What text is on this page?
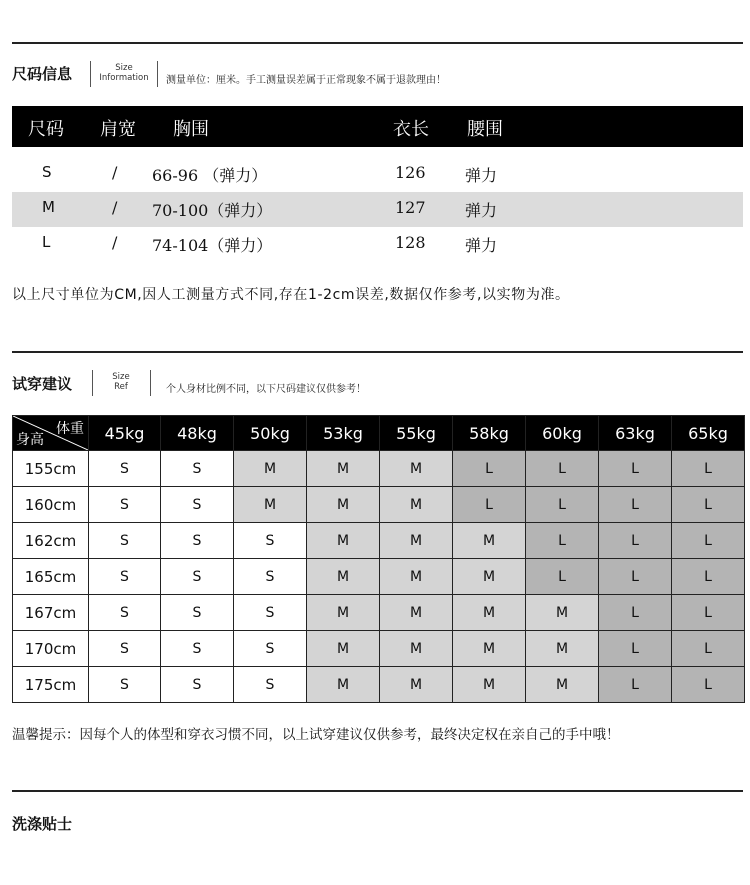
尺码信息	Size
Information	测量单位：厘米。手工测量误差属于正常现象不属于退款理由！
尺码 肩宽 胸围	衣长 腰围
S	/ 66-96 （弹力）	126 弹力
M	/ 70-100（弹力）	127 弹力
L	/ 74-104（弹力）	128 弹力
以上尺寸单位为CM,因人工测量方式不同,存在1-2cm误差,数据仅作参考,以实物为准。
试穿建议	Size
Ref	个人身材比例不同，以下尺码建议仅供参考！
体重
身高	45kg	48kg	50kg	53kg	55kg	58kg	60kg	63kg	65kg
155cm	S	S	M	M	M	L	L	L	L
160cm	S	S	M	M	M	L	L	L	L
162cm	S	S	S	M	M	M	L	L	L
165cm	S	S	S	M	M	M	L	L	L
167cm	S	S	S	M	M	M	M	L	L
170cm	S	S	S	M	M	M	M	L	L
175cm	S	S	S	M	M	M	M	L	L
温馨提示：因每个人的体型和穿衣习惯不同，以上试穿建议仅供参考，最终决定权在亲自己的手中哦！
洗涤贴士
